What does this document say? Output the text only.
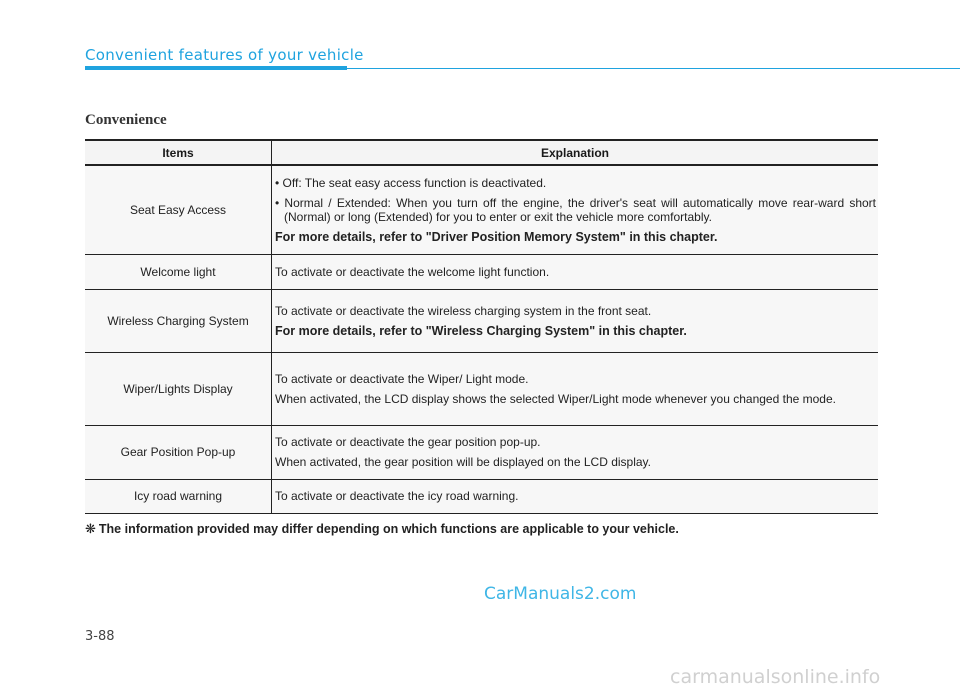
Convenient features of your vehicle
Convenience
Items	Explanation
Seat Easy Access	• Off: The seat easy access function is deactivated.

• Normal / Extended: When you turn off the engine, the driver's seat will automatically move rear-ward short (Normal) or long (Extended) for you to enter or exit the vehicle more comfortably.

For more details, refer to "Driver Position Memory System" in this chapter.

Welcome light	To activate or deactivate the welcome light function.

Wireless Charging System	To activate or deactivate the wireless charging system in the front seat.

For more details, refer to "Wireless Charging System" in this chapter.

Wiper/Lights Display	To activate or deactivate the Wiper/ Light mode.

When activated, the LCD display shows the selected Wiper/Light mode whenever you changed the mode.

Gear Position Pop-up	To activate or deactivate the gear position pop-up.

When activated, the gear position will be displayed on the LCD display.

Icy road warning	To activate or deactivate the icy road warning.

❋ The information provided may differ depending on which functions are applicable to your vehicle.
CarManuals2.com
3-88
carmanualsonline.info
